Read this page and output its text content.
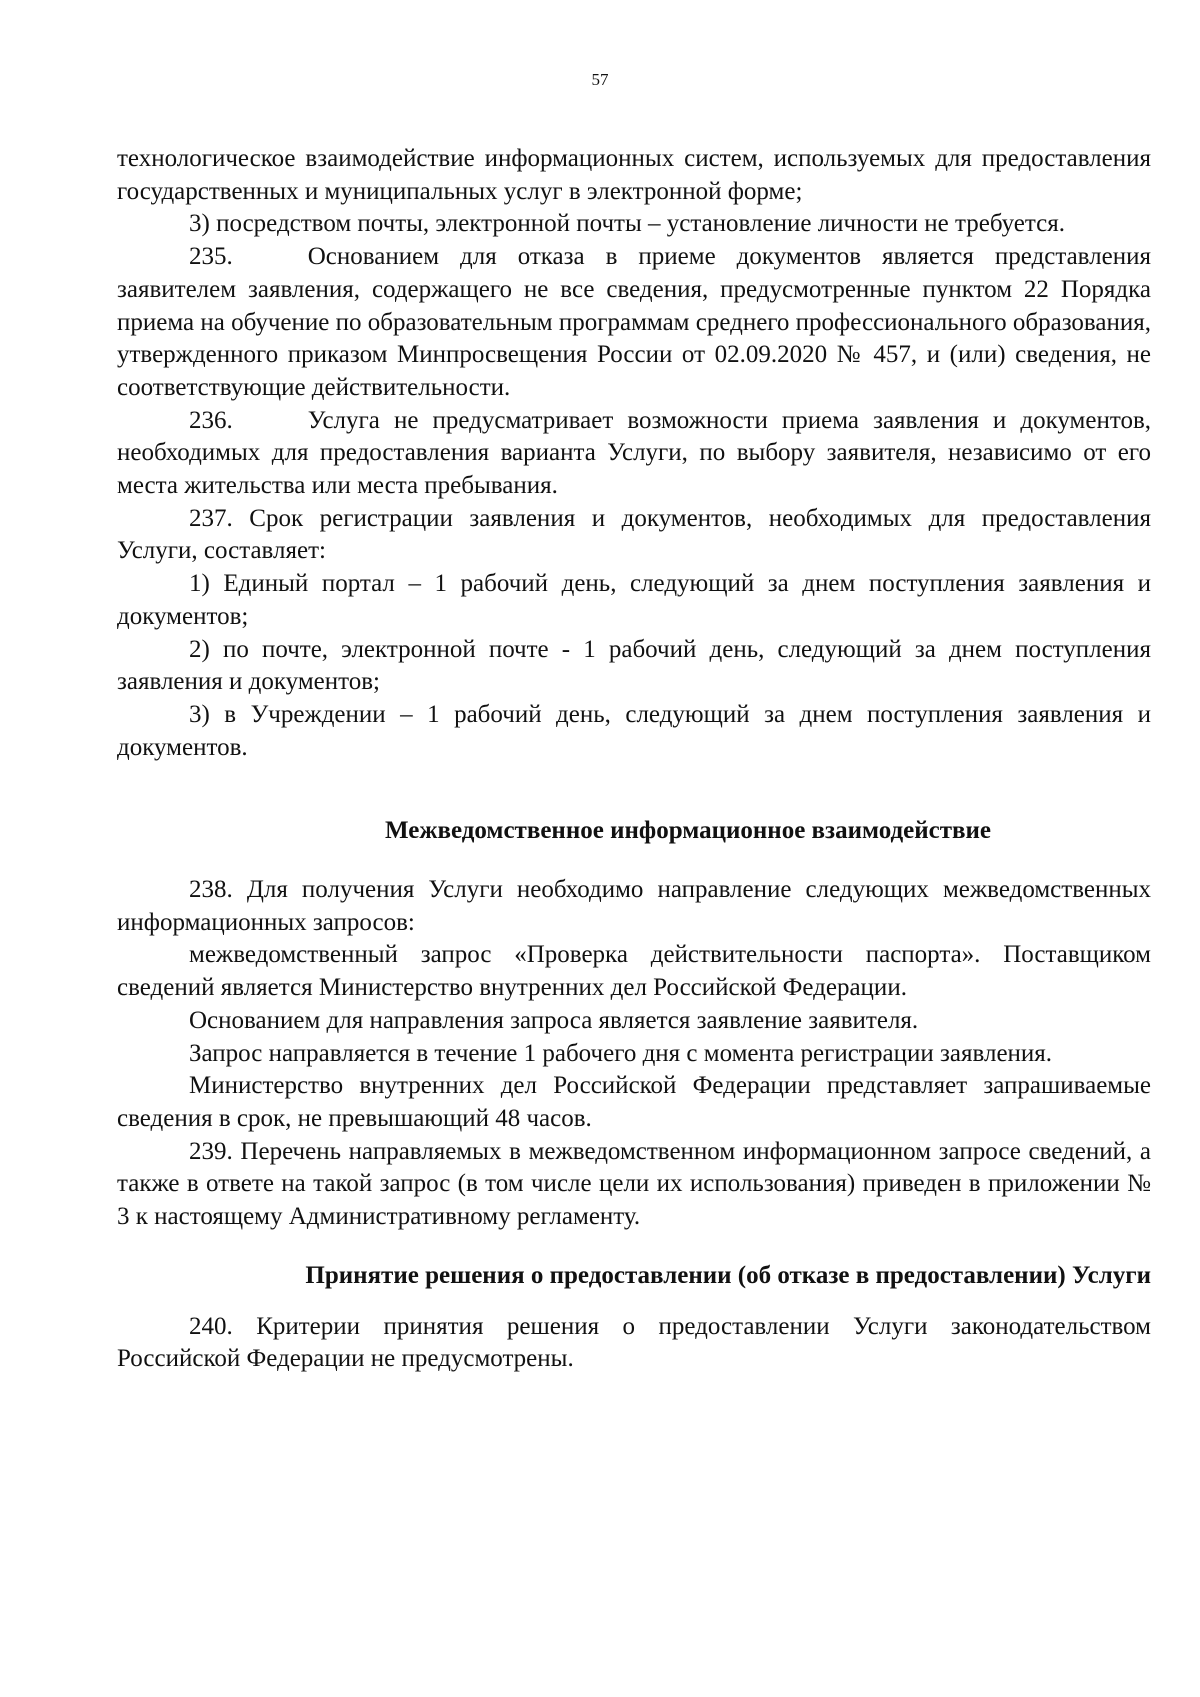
57

технологическое взаимодействие информационных систем, используемых для предоставления государственных и муниципальных услуг в электронной форме;

3) посредством почты, электронной почты – установление личности не требуется.

235.   Основанием для отказа в приеме документов является представления заявителем заявления, содержащего не все сведения, предусмотренные пунктом 22 Порядка приема на обучение по образовательным программам среднего профессионального образования, утвержденного приказом Минпросвещения России от 02.09.2020 № 457, и (или) сведения, не соответствующие действительности.

236.   Услуга не предусматривает возможности приема заявления и документов, необходимых для предоставления варианта Услуги, по выбору заявителя, независимо от его места жительства или места пребывания.

237. Срок регистрации заявления и документов, необходимых для предоставления Услуги, составляет:

1) Единый портал – 1 рабочий день, следующий за днем поступления заявления и документов;

2) по почте, электронной почте - 1 рабочий день, следующий за днем поступления заявления и документов;

3) в Учреждении – 1 рабочий день, следующий за днем поступления заявления и документов.

Межведомственное информационное взаимодействие

238. Для получения Услуги необходимо направление следующих межведомственных информационных запросов:

межведомственный запрос «Проверка действительности паспорта». Поставщиком сведений является Министерство внутренних дел Российской Федерации.

Основанием для направления запроса является заявление заявителя.

Запрос направляется в течение 1 рабочего дня с момента регистрации заявления.

Министерство внутренних дел Российской Федерации представляет запрашиваемые сведения в срок, не превышающий 48 часов.

239. Перечень направляемых в межведомственном информационном запросе сведений, а также в ответе на такой запрос (в том числе цели их использования) приведен в приложении № 3 к настоящему Административному регламенту.

Принятие решения о предоставлении (об отказе в предоставлении) Услуги

240. Критерии принятия решения о предоставлении Услуги законодательством Российской Федерации не предусмотрены.
